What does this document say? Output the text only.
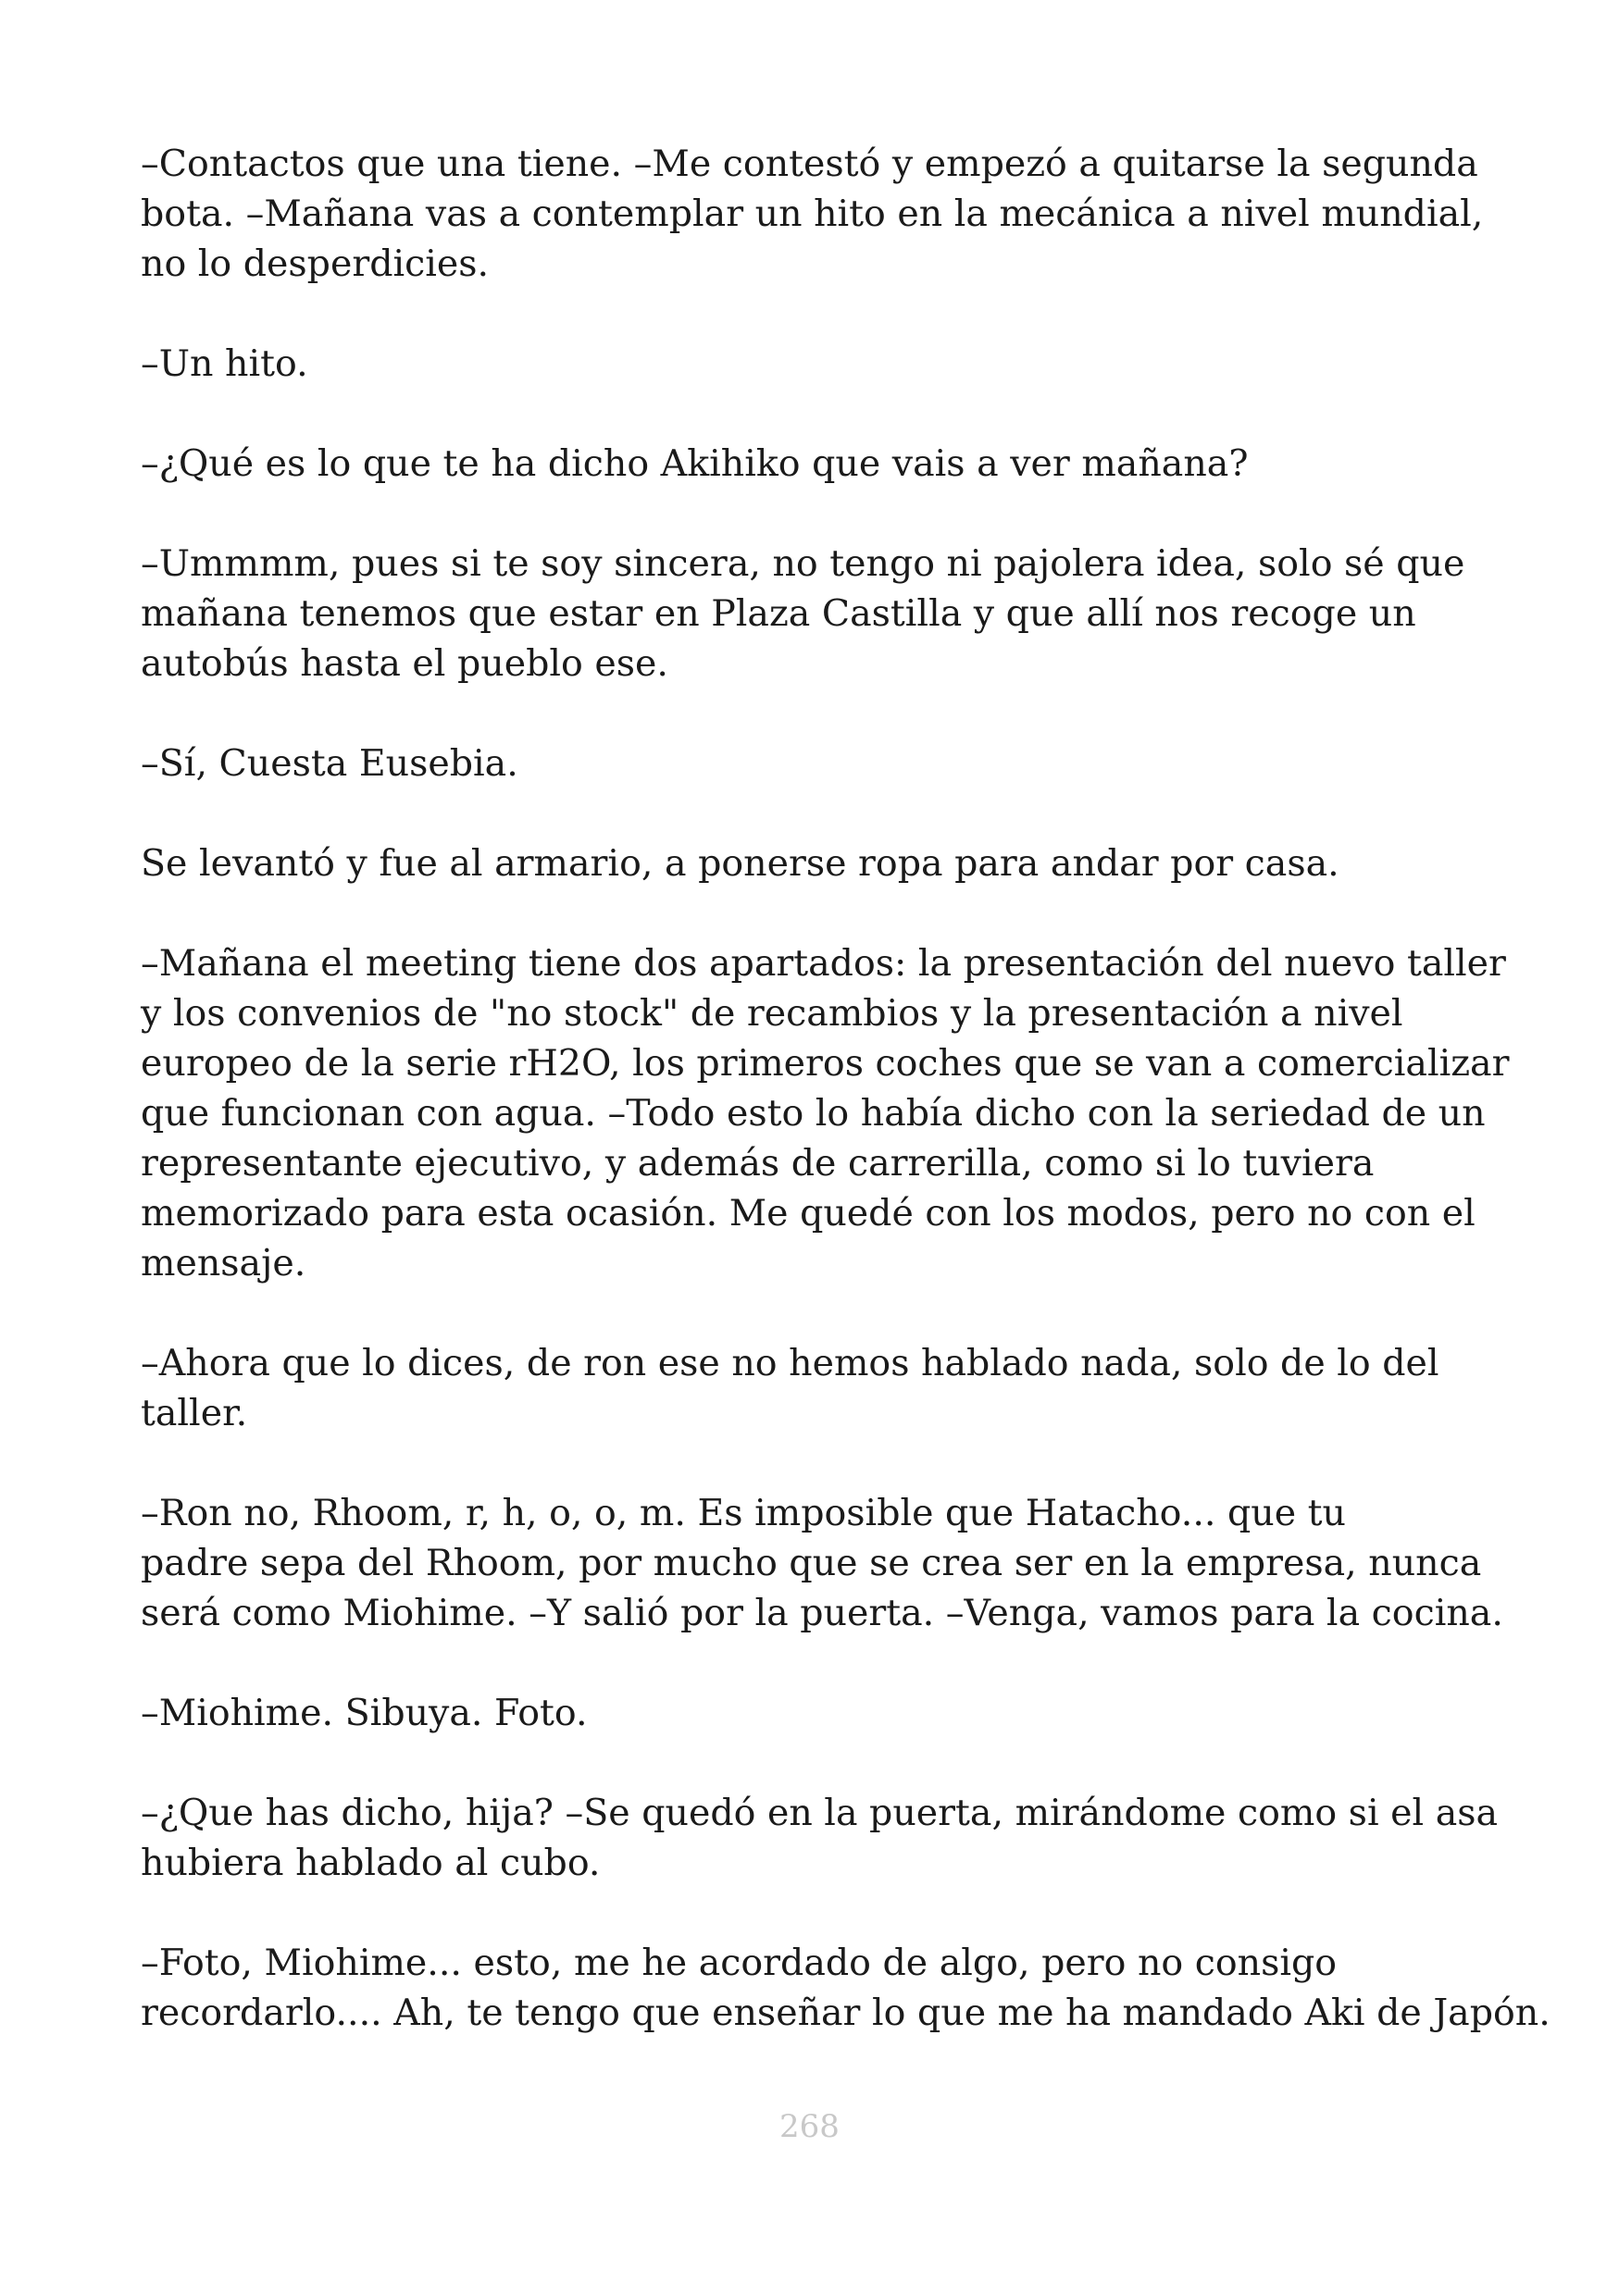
–Contactos que una tiene. –Me contestó y empezó a quitarse la segunda
bota. –Mañana vas a contemplar un hito en la mecánica a nivel mundial,
no lo desperdicies.

–Un hito.

–¿Qué es lo que te ha dicho Akihiko que vais a ver mañana?

–Ummmm, pues si te soy sincera, no tengo ni pajolera idea, solo sé que
mañana tenemos que estar en Plaza Castilla y que allí nos recoge un
autobús hasta el pueblo ese.

–Sí, Cuesta Eusebia.

Se levantó y fue al armario, a ponerse ropa para andar por casa.

–Mañana el meeting tiene dos apartados: la presentación del nuevo taller
y los convenios de "no stock" de recambios y la presentación a nivel
europeo de la serie rH2O, los primeros coches que se van a comercializar
que funcionan con agua. –Todo esto lo había dicho con la seriedad de un
representante ejecutivo, y además de carrerilla, como si lo tuviera
memorizado para esta ocasión. Me quedé con los modos, pero no con el
mensaje.

–Ahora que lo dices, de ron ese no hemos hablado nada, solo de lo del
taller.

–Ron no, Rhoom, r, h, o, o, m. Es imposible que Hatacho... que tu
padre sepa del Rhoom, por mucho que se crea ser en la empresa, nunca
será como Miohime. –Y salió por la puerta. –Venga, vamos para la cocina.

–Miohime. Sibuya. Foto.

–¿Que has dicho, hija? –Se quedó en la puerta, mirándome como si el asa
hubiera hablado al cubo.

–Foto, Miohime... esto, me he acordado de algo, pero no consigo
recordarlo.... Ah, te tengo que enseñar lo que me ha mandado Aki de Japón.

268
